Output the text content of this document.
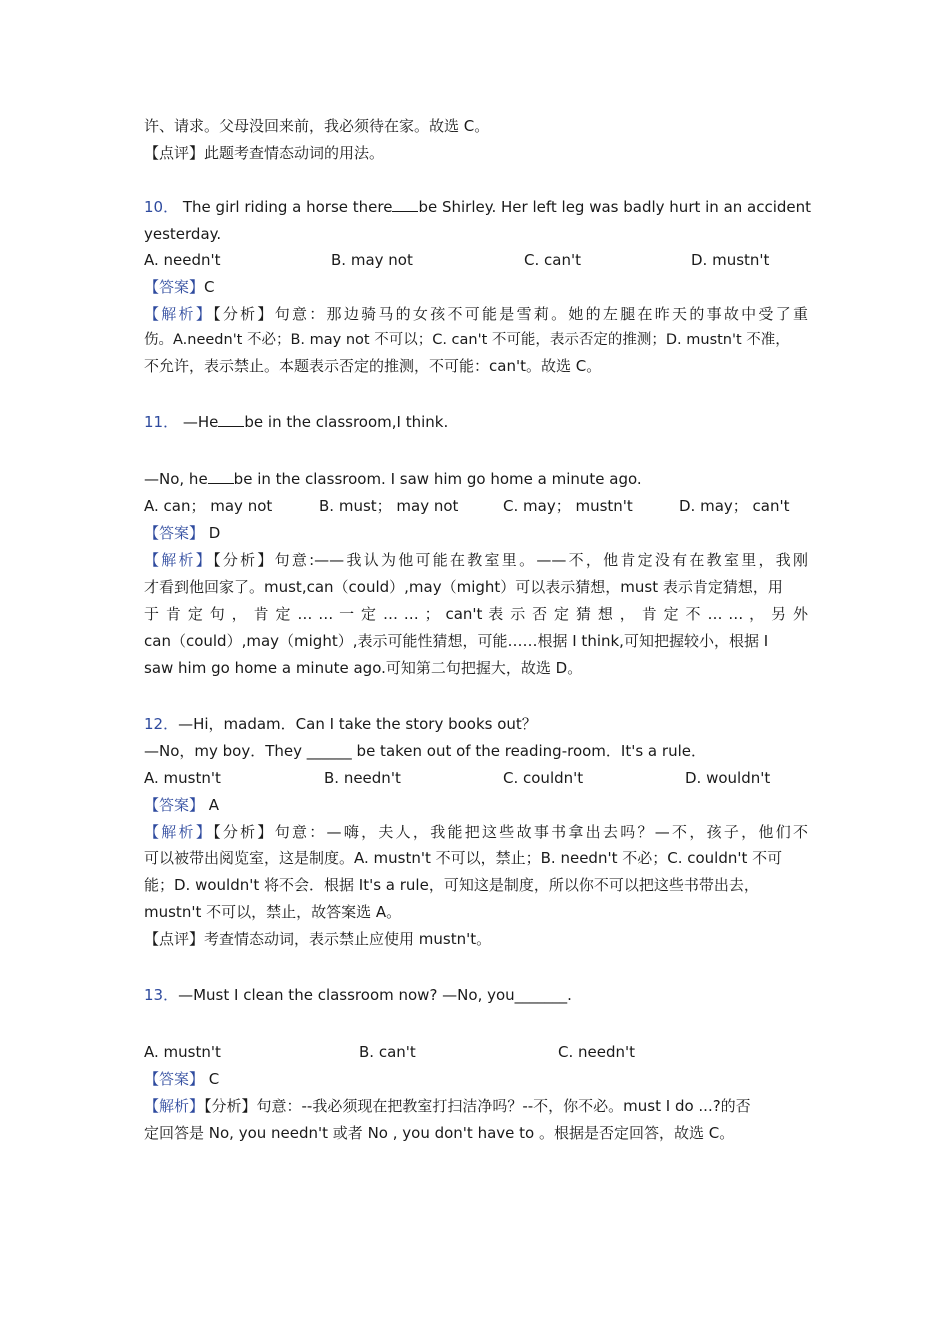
许、请求。父母没回来前，我必须待在家。故选 C。
【点评】此题考查情态动词的用法。
10． The girl riding a horse there be Shirley. Her left leg was badly hurt in an accident
yesterday.
A. needn't	B. may not	C. can't	D. mustn't
【答案】C
【解析】【分析】句意：那边骑马的女孩不可能是雪莉。她的左腿在昨天的事故中受了重
伤。A.needn't 不必；B. may not 不可以；C. can't 不可能，表示否定的推测；D. mustn't 不准，
不允许，表示禁止。本题表示否定的推测，不可能：can't。故选 C。
11． —He be in the classroom,I think.
—No, he be in the classroom. I saw him go home a minute ago.
A. can； may not	B. must； may not	C. may； mustn't	D. may； can't
【答案】 D
【解析】【分析】句意:——我认为他可能在教室里。——不，他肯定没有在教室里，我刚
才看到他回家了。must,can（could）,may（might）可以表示猜想，must 表示肯定猜想，用
于 肯 定 句 ， 肯 定 … … 一 定 … … ； can't 表 示 否 定 猜 想 ， 肯 定 不 … … ， 另 外
can（could）,may（might）,表示可能性猜想，可能……根据 I think,可知把握较小，根据 I
saw him go home a minute ago.可知第二句把握大，故选 D。
12．—Hi，madam．Can I take the story books out？
—No，my boy．They ______ be taken out of the reading-room．It's a rule．
A. mustn't	B. needn't	C. couldn't	D. wouldn't
【答案】 A
【解析】【分析】句意：—嗨，夫人，我能把这些故事书拿出去吗？—不，孩子，他们不
可以被带出阅览室，这是制度。A. mustn't 不可以，禁止；B. needn't 不必；C. couldn't 不可
能；D. wouldn't 将不会．根据 It's a rule，可知这是制度，所以你不可以把这些书带出去，
mustn't 不可以，禁止，故答案选 A。
【点评】考查情态动词，表示禁止应使用 mustn't。
13．—Must I clean the classroom now? —No, you_______.
A. mustn't	B. can't	C. needn't
【答案】 C
【解析】【分析】句意：--我必须现在把教室打扫洁净吗？--不，你不必。must I do ...?的否
定回答是 No, you needn't 或者 No , you don't have to 。根据是否定回答，故选 C。
